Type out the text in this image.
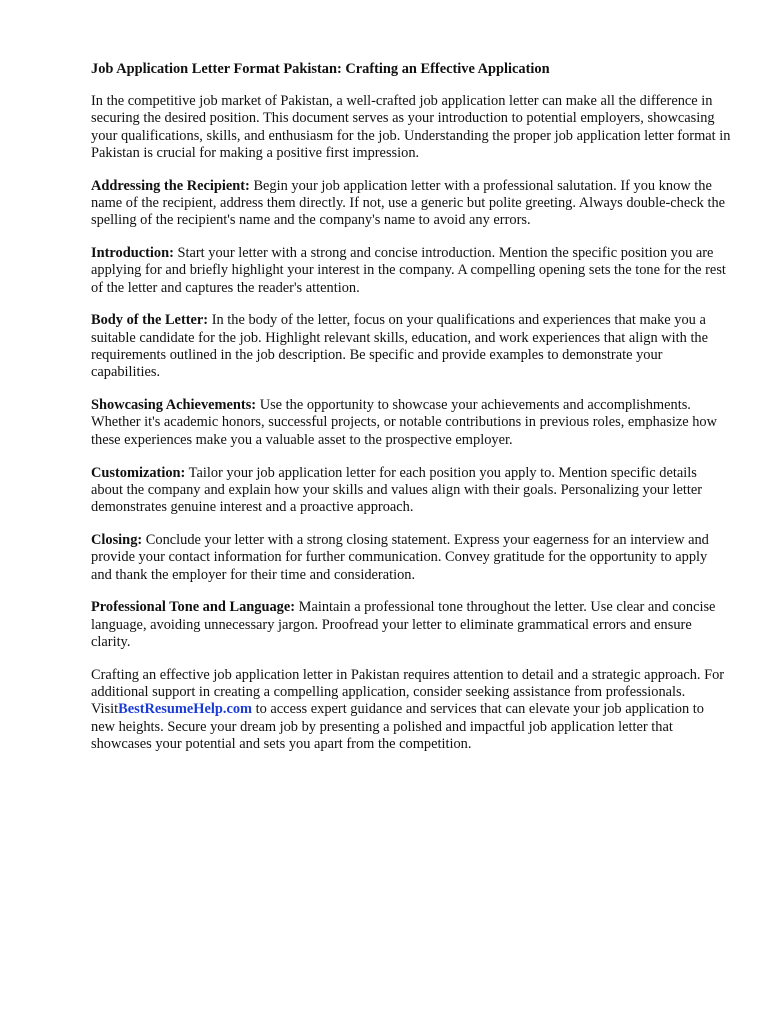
Job Application Letter Format Pakistan: Crafting an Effective Application

In the competitive job market of Pakistan, a well-crafted job application letter can make all the difference in securing the desired position. This document serves as your introduction to potential employers, showcasing your qualifications, skills, and enthusiasm for the job. Understanding the proper job application letter format in Pakistan is crucial for making a positive first impression.

Addressing the Recipient: Begin your job application letter with a professional salutation. If you know the name of the recipient, address them directly. If not, use a generic but polite greeting. Always double-check the spelling of the recipient's name and the company's name to avoid any errors.

Introduction: Start your letter with a strong and concise introduction. Mention the specific position you are applying for and briefly highlight your interest in the company. A compelling opening sets the tone for the rest of the letter and captures the reader's attention.

Body of the Letter: In the body of the letter, focus on your qualifications and experiences that make you a suitable candidate for the job. Highlight relevant skills, education, and work experiences that align with the requirements outlined in the job description. Be specific and provide examples to demonstrate your capabilities.

Showcasing Achievements: Use the opportunity to showcase your achievements and accomplishments. Whether it's academic honors, successful projects, or notable contributions in previous roles, emphasize how these experiences make you a valuable asset to the prospective employer.

Customization: Tailor your job application letter for each position you apply to. Mention specific details about the company and explain how your skills and values align with their goals. Personalizing your letter demonstrates genuine interest and a proactive approach.

Closing: Conclude your letter with a strong closing statement. Express your eagerness for an interview and provide your contact information for further communication. Convey gratitude for the opportunity to apply and thank the employer for their time and consideration.

Professional Tone and Language: Maintain a professional tone throughout the letter. Use clear and concise language, avoiding unnecessary jargon. Proofread your letter to eliminate grammatical errors and ensure clarity.

Crafting an effective job application letter in Pakistan requires attention to detail and a strategic approach. For additional support in creating a compelling application, consider seeking assistance from professionals. VisitBestResumeHelp.com to access expert guidance and services that can elevate your job application to new heights. Secure your dream job by presenting a polished and impactful job application letter that showcases your potential and sets you apart from the competition.
